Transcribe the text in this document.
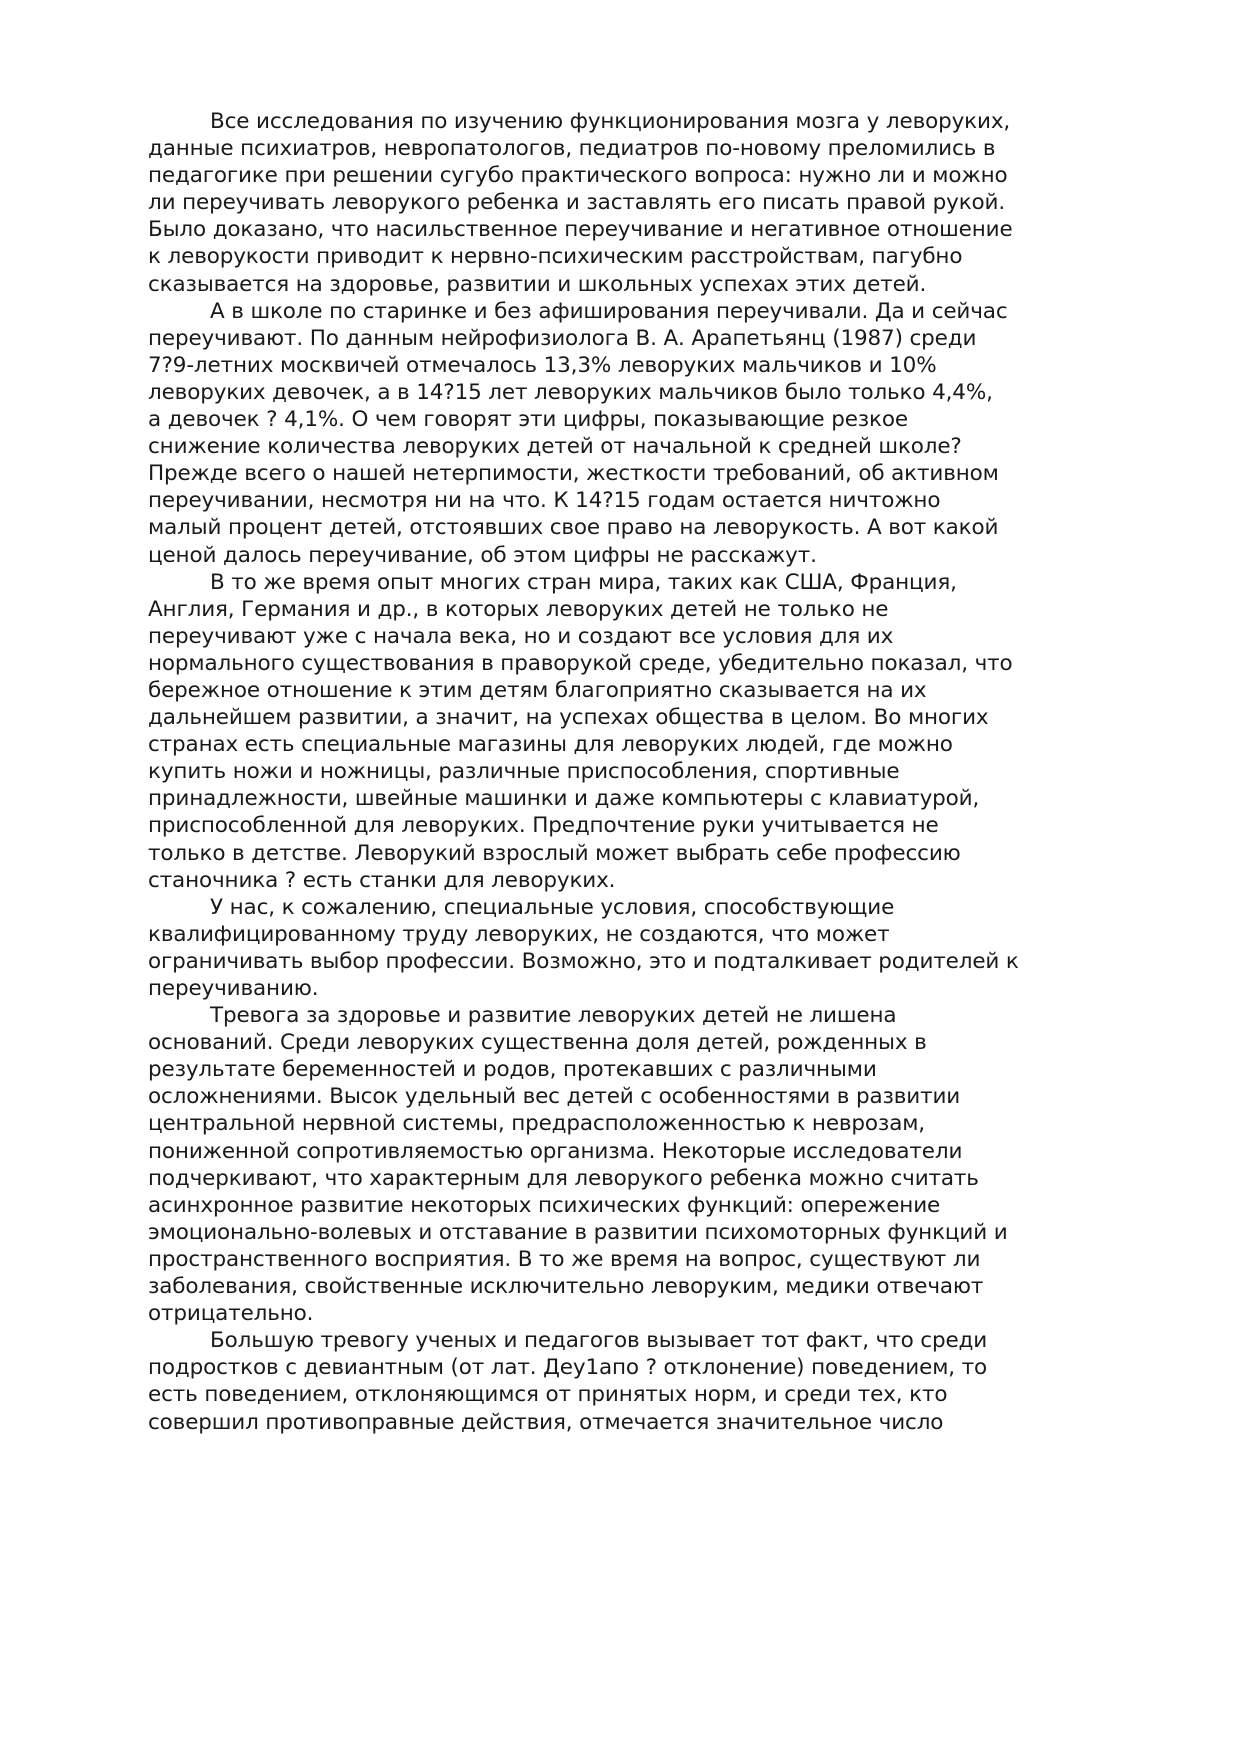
Все исследования по изучению функционирования мозга у леворуких,
данные психиатров, невропатологов, педиатров по-новому преломились в
педагогике при решении сугубо практического вопроса: нужно ли и можно
ли переучивать леворукого ребенка и заставлять его писать правой рукой.
Было доказано, что насильственное переучивание и негативное отношение
к леворукости приводит к нервно-психическим расстройствам, пагубно
сказывается на здоровье, развитии и школьных успехах этих детей.
А в школе по старинке и без афиширования переучивали. Да и сейчас
переучивают. По данным нейрофизиолога В. А. Арапетьянц (1987) среди
7?9-летних москвичей отмечалось 13,3% леворуких мальчиков и 10%
леворуких девочек, а в 14?15 лет леворуких мальчиков было только 4,4%,
а девочек ? 4,1%. О чем говорят эти цифры, показывающие резкое
снижение количества леворуких детей от начальной к средней школе?
Прежде всего о нашей нетерпимости, жесткости требований, об активном
переучивании, несмотря ни на что. К 14?15 годам остается ничтожно
малый процент детей, отстоявших свое право на леворукость. А вот какой
ценой далось переучивание, об этом цифры не расскажут.
В то же время опыт многих стран мира, таких как США, Франция,
Англия, Германия и др., в которых леворуких детей не только не
переучивают уже с начала века, но и создают все условия для их
нормального существования в праворукой среде, убедительно показал, что
бережное отношение к этим детям благоприятно сказывается на их
дальнейшем развитии, а значит, на успехах общества в целом. Во многих
странах есть специальные магазины для леворуких людей, где можно
купить ножи и ножницы, различные приспособления, спортивные
принадлежности, швейные машинки и даже компьютеры с клавиатурой,
приспособленной для леворуких. Предпочтение руки учитывается не
только в детстве. Леворукий взрослый может выбрать себе профессию
станочника ? есть станки для леворуких.
У нас, к сожалению, специальные условия, способствующие
квалифицированному труду леворуких, не создаются, что может
ограничивать выбор профессии. Возможно, это и подталкивает родителей к
переучиванию.
Тревога за здоровье и развитие леворуких детей не лишена
оснований. Среди леворуких существенна доля детей, рожденных в
результате беременностей и родов, протекавших с различными
осложнениями. Высок удельный вес детей с особенностями в развитии
центральной нервной системы, предрасположенностью к неврозам,
пониженной сопротивляемостью организма. Некоторые исследователи
подчеркивают, что характерным для леворукого ребенка можно считать
асинхронное развитие некоторых психических функций: опережение
эмоционально-волевых и отставание в развитии психомоторных функций и
пространственного восприятия. В то же время на вопрос, существуют ли
заболевания, свойственные исключительно леворуким, медики отвечают
отрицательно.
Большую тревогу ученых и педагогов вызывает тот факт, что среди
подростков с девиантным (от лат. Деу1апо ? отклонение) поведением, то
есть поведением, отклоняющимся от принятых норм, и среди тех, кто
совершил противоправные действия, отмечается значительное число
